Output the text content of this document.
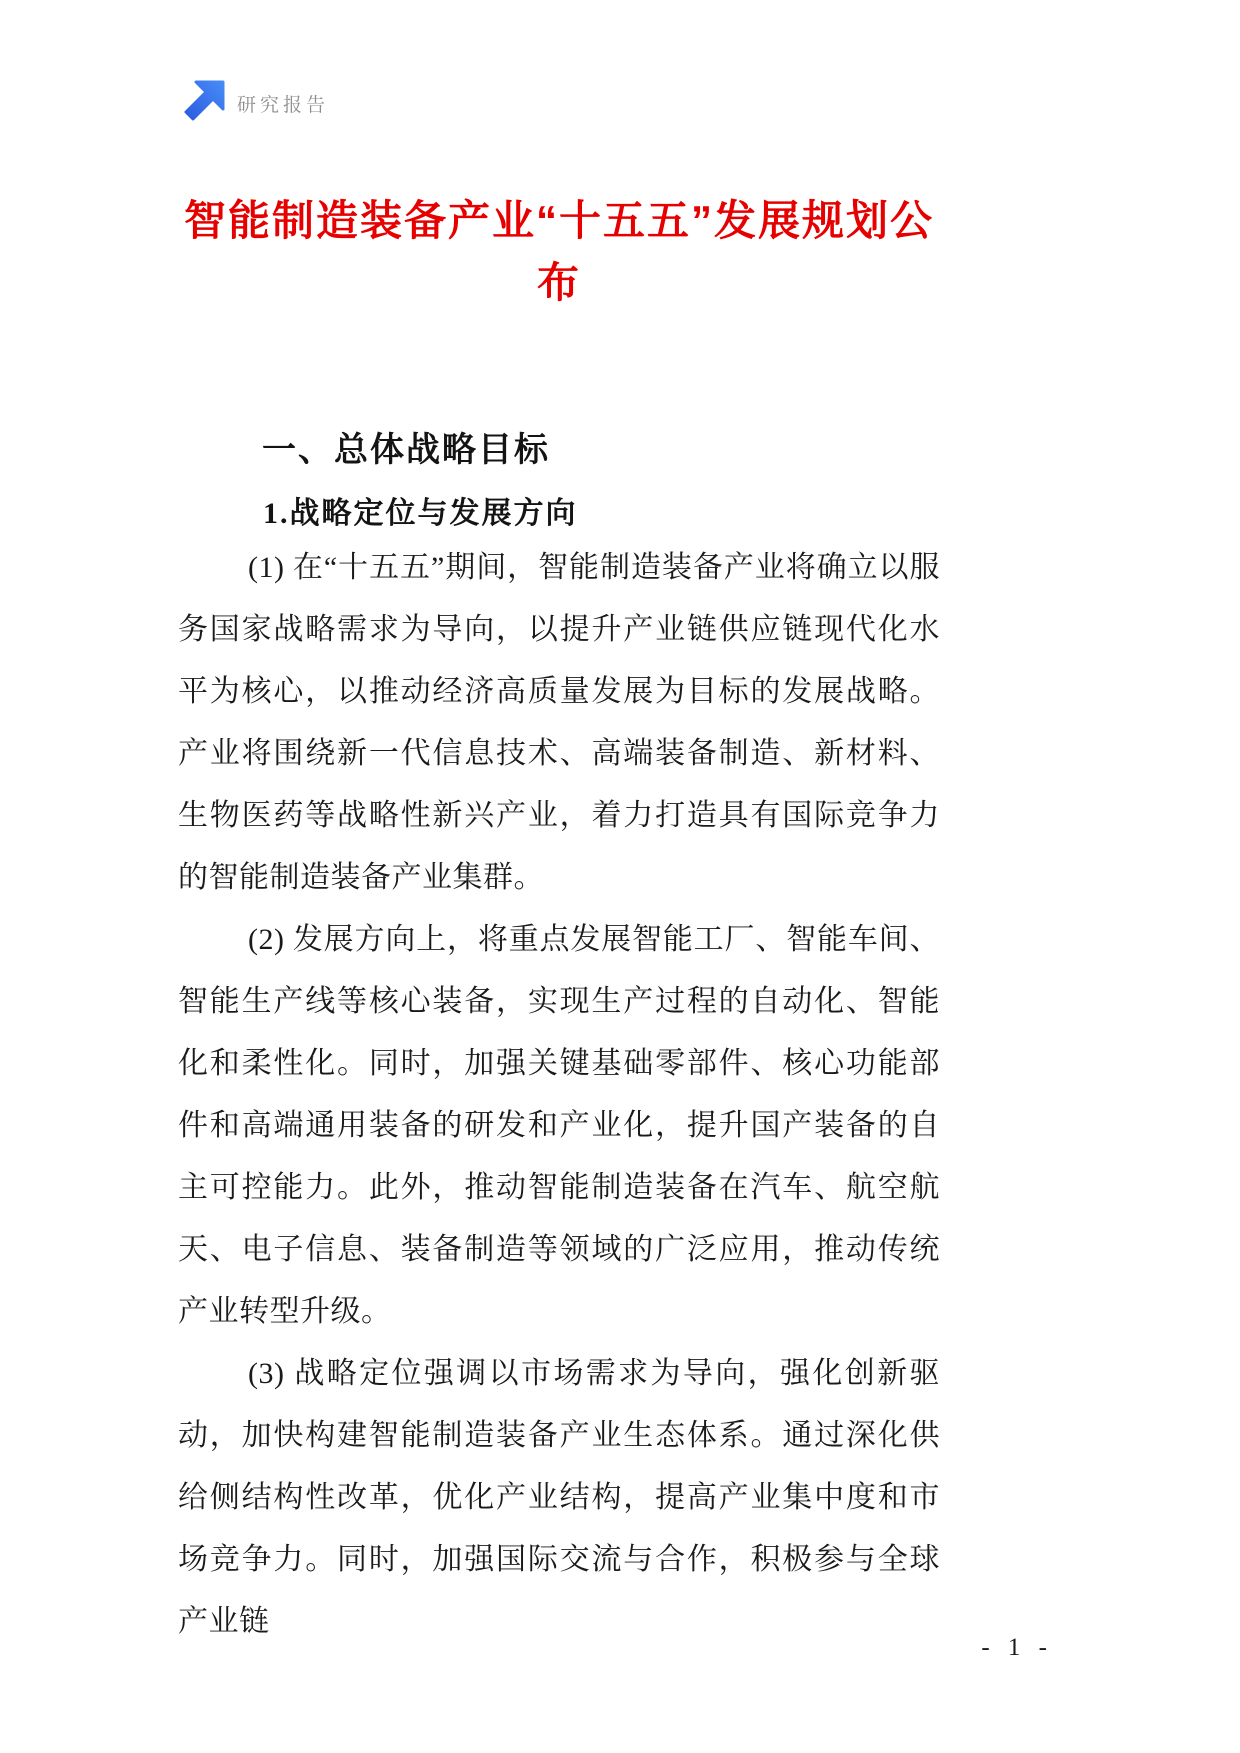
研究报告
智能制造装备产业“十五五”发展规划公
布
一、总体战略目标
1.战略定位与发展方向

(1) 在“十五五”期间，智能制造装备产业将确立以服务国家战略需求为导向，以提升产业链供应链现代化水平为核心，以推动经济高质量发展为目标的发展战略。产业将围绕新一代信息技术、高端装备制造、新材料、生物医药等战略性新兴产业，着力打造具有国际竞争力的智能制造装备产业集群。

(2) 发展方向上，将重点发展智能工厂、智能车间、智能生产线等核心装备，实现生产过程的自动化、智能化和柔性化。同时，加强关键基础零部件、核心功能部件和高端通用装备的研发和产业化，提升国产装备的自主可控能力。此外，推动智能制造装备在汽车、航空航天、电子信息、装备制造等领域的广泛应用，推动传统产业转型升级。

(3) 战略定位强调以市场需求为导向，强化创新驱动，加快构建智能制造装备产业生态体系。通过深化供给侧结构性改革，优化产业结构，提高产业集中度和市场竞争力。同时，加强国际交流与合作，积极参与全球产业链

- 1 -
